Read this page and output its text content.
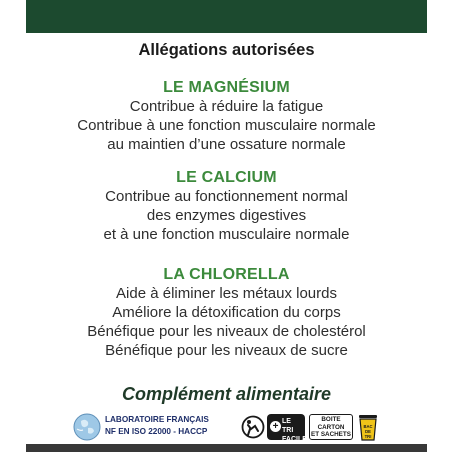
Allégations autorisées
LE MAGNÉSIUM
Contribue à réduire la fatigue
Contribue à une fonction musculaire normale
au maintien d’une ossature normale
LE CALCIUM
Contribue au fonctionnement normal
des enzymes digestives
et à une fonction musculaire normale
LA CHLORELLA
Aide à éliminer les métaux lourds
Améliore la détoxification du corps
Bénéfique pour les niveaux de cholestérol
Bénéfique pour les niveaux de sucre
Complément alimentaire
LABORATOIRE FRANÇAIS
NF EN ISO 22000 - HACCP	+ LE TRI
FACILE
BOITE
CARTON
ET SACHETS
BAC
DE
TRI
